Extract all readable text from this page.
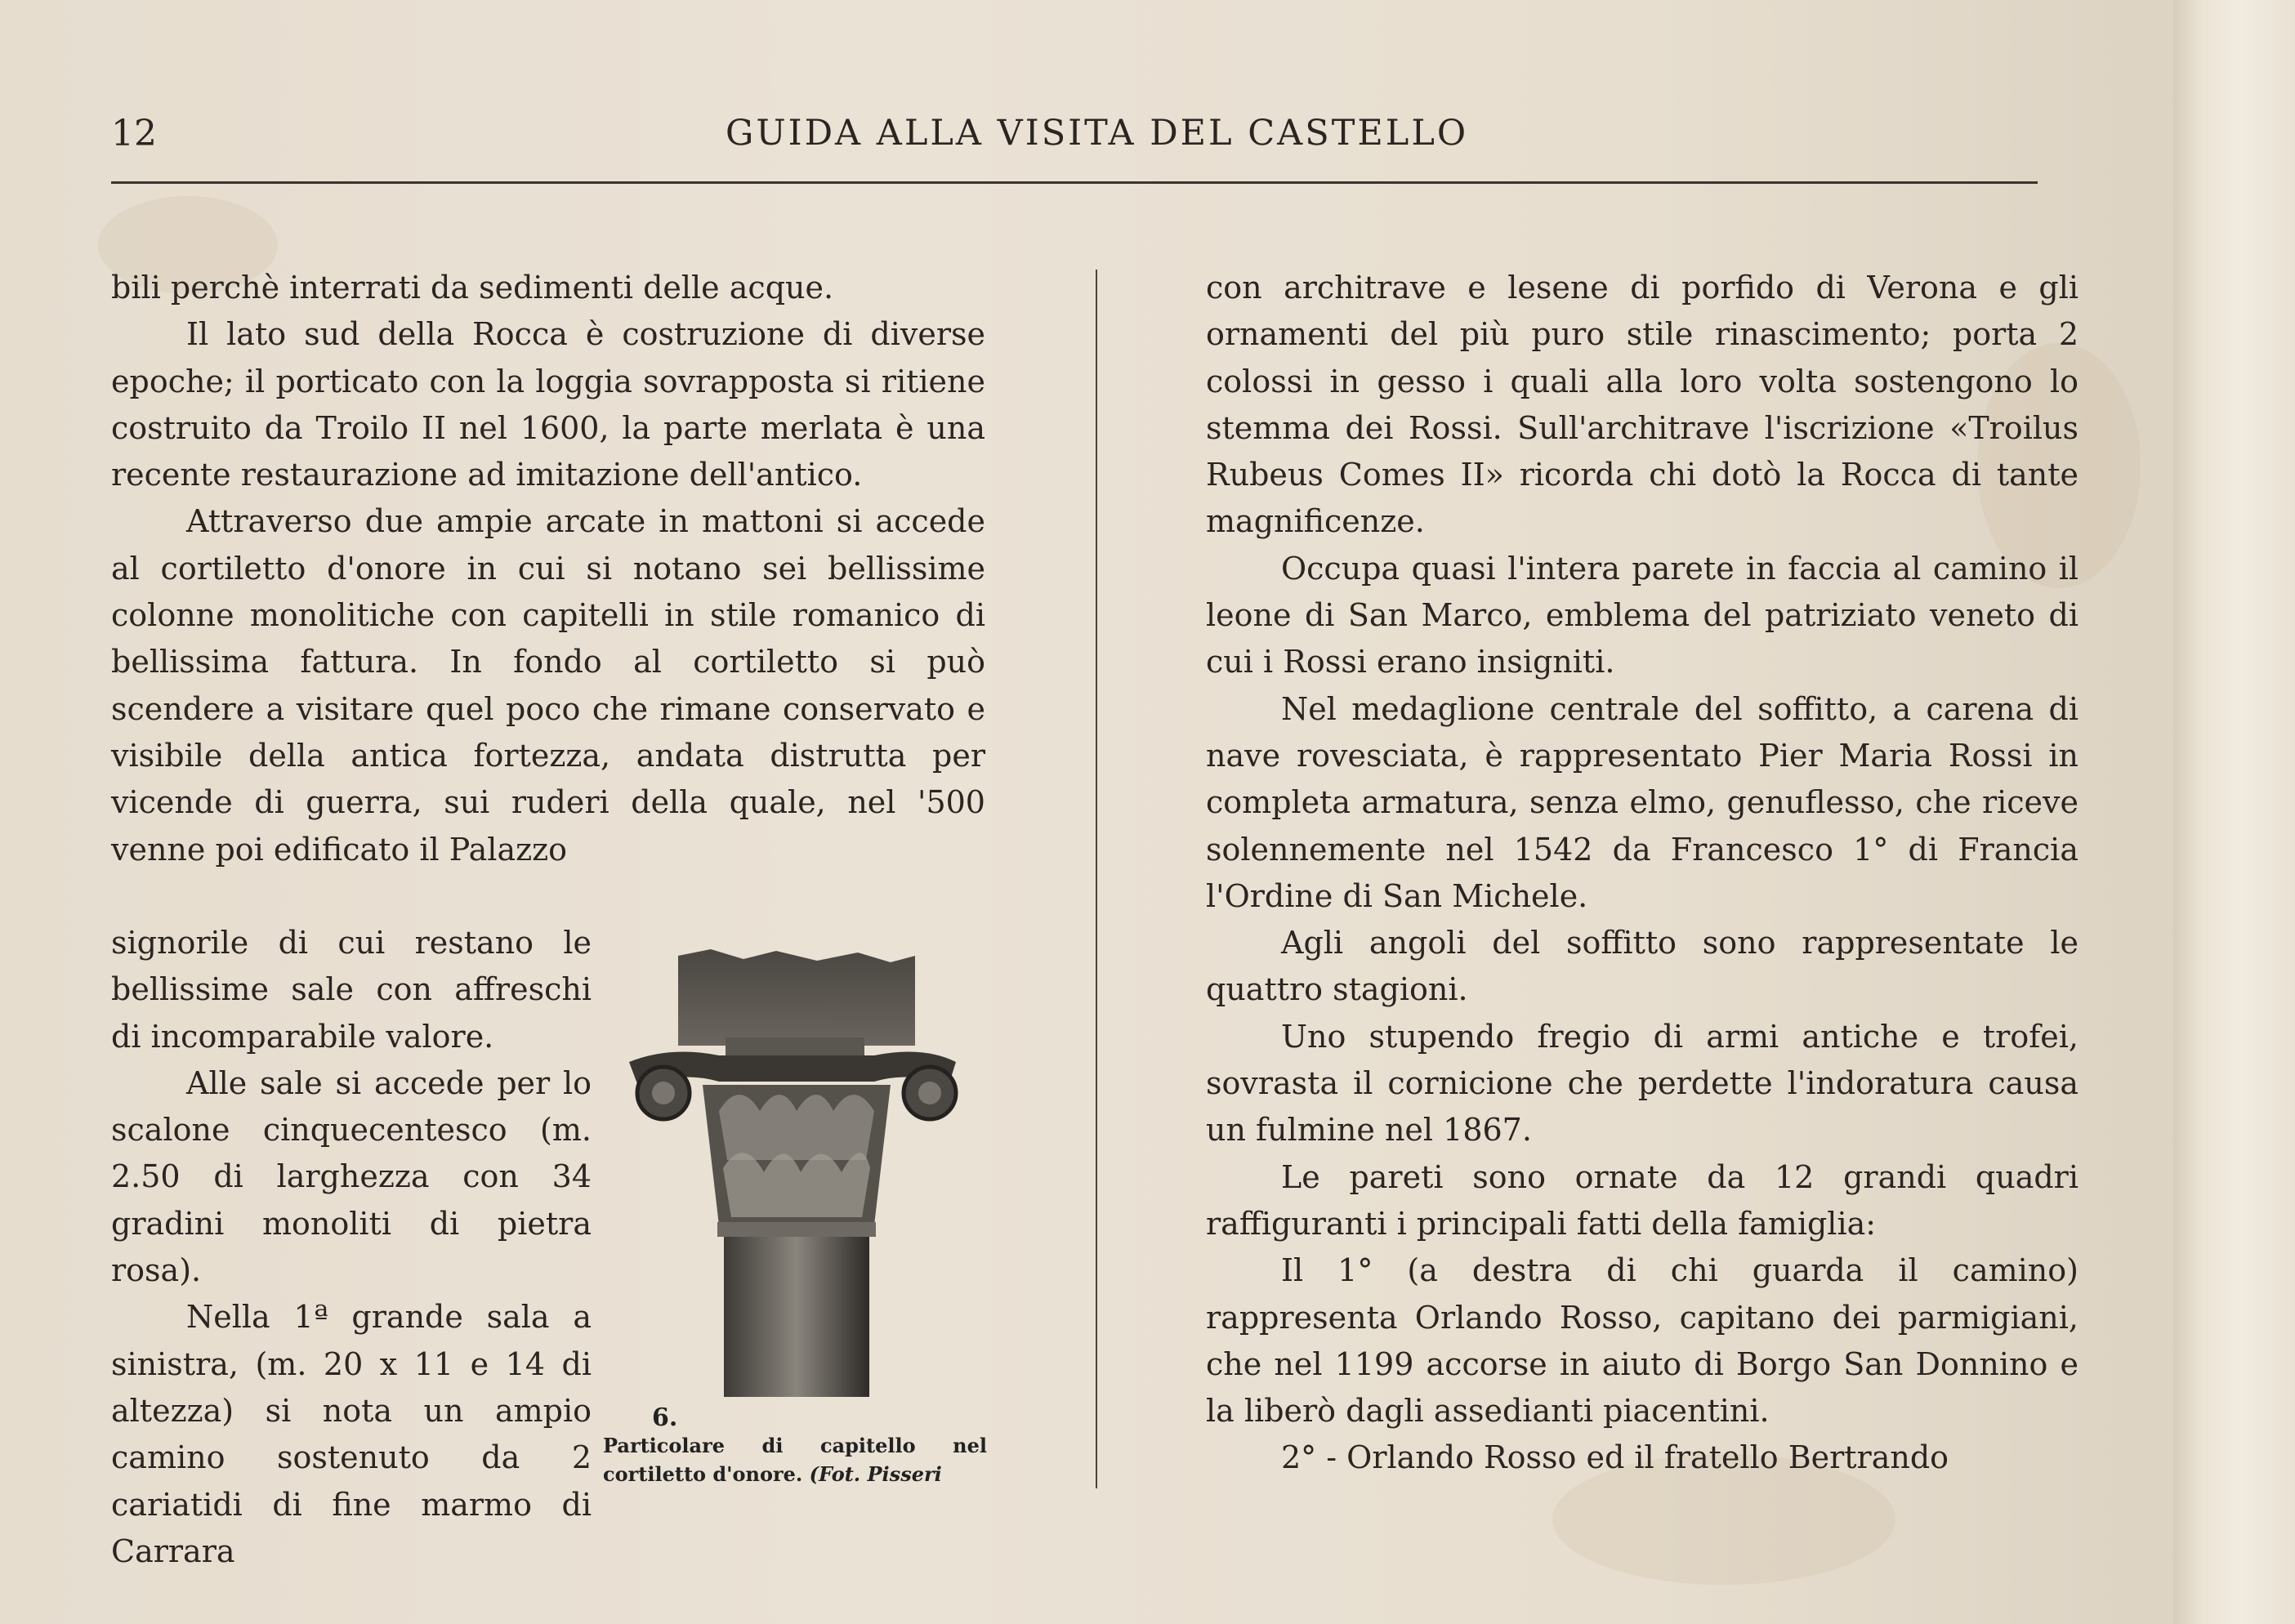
12	GUIDA ALLA VISITA DEL CASTELLO

bili perchè interrati da sedimenti delle acque.

Il lato sud della Rocca è costruzione di diverse epoche; il porticato con la loggia sovrapposta si ritiene costruito da Troilo II nel 1600, la parte merlata è una recente restaurazione ad imitazione dell'antico.

Attraverso due ampie arcate in mattoni si accede al cortiletto d'onore in cui si notano sei bellissime colonne monolitiche con capitelli in stile romanico di bellissima fattura. In fondo al cortiletto si può scendere a visitare quel poco che rimane conservato e visibile della antica fortezza, andata distrutta per vicende di guerra, sui ruderi della quale, nel '500 venne poi edificato il Palazzo

signorile di cui restano le bellissime sale con affreschi di incomparabile valore.

Alle sale si accede per lo scalone cinquecentesco (m. 2.50 di larghezza con 34 gradini monoliti di pietra rosa).

Nella 1ª grande sala a sinistra, (m. 20 x 11 e 14 di altezza) si nota un ampio camino sostenuto da 2 cariatidi di fine marmo di Carrara

6.
Particolare di capitello nel cortiletto d'onore. (Fot. Pisseri

con architrave e lesene di porfido di Verona e gli ornamenti del più puro stile rinascimento; porta 2 colossi in gesso i quali alla loro volta sostengono lo stemma dei Rossi. Sull'architrave l'iscrizione «Troilus Rubeus Comes II» ricorda chi dotò la Rocca di tante magnificenze.

Occupa quasi l'intera parete in faccia al camino il leone di San Marco, emblema del patriziato veneto di cui i Rossi erano insigniti.

Nel medaglione centrale del soffitto, a carena di nave rovesciata, è rappresentato Pier Maria Rossi in completa armatura, senza elmo, genuflesso, che riceve solennemente nel 1542 da Francesco 1° di Francia l'Ordine di San Michele.

Agli angoli del soffitto sono rappresentate le quattro stagioni.

Uno stupendo fregio di armi antiche e trofei, sovrasta il cornicione che perdette l'indoratura causa un fulmine nel 1867.

Le pareti sono ornate da 12 grandi quadri raffiguranti i principali fatti della famiglia:

Il 1° (a destra di chi guarda il camino) rappresenta Orlando Rosso, capitano dei parmigiani, che nel 1199 accorse in aiuto di Borgo San Donnino e la liberò dagli assedianti piacentini.

2° - Orlando Rosso ed il fratello Bertrando
